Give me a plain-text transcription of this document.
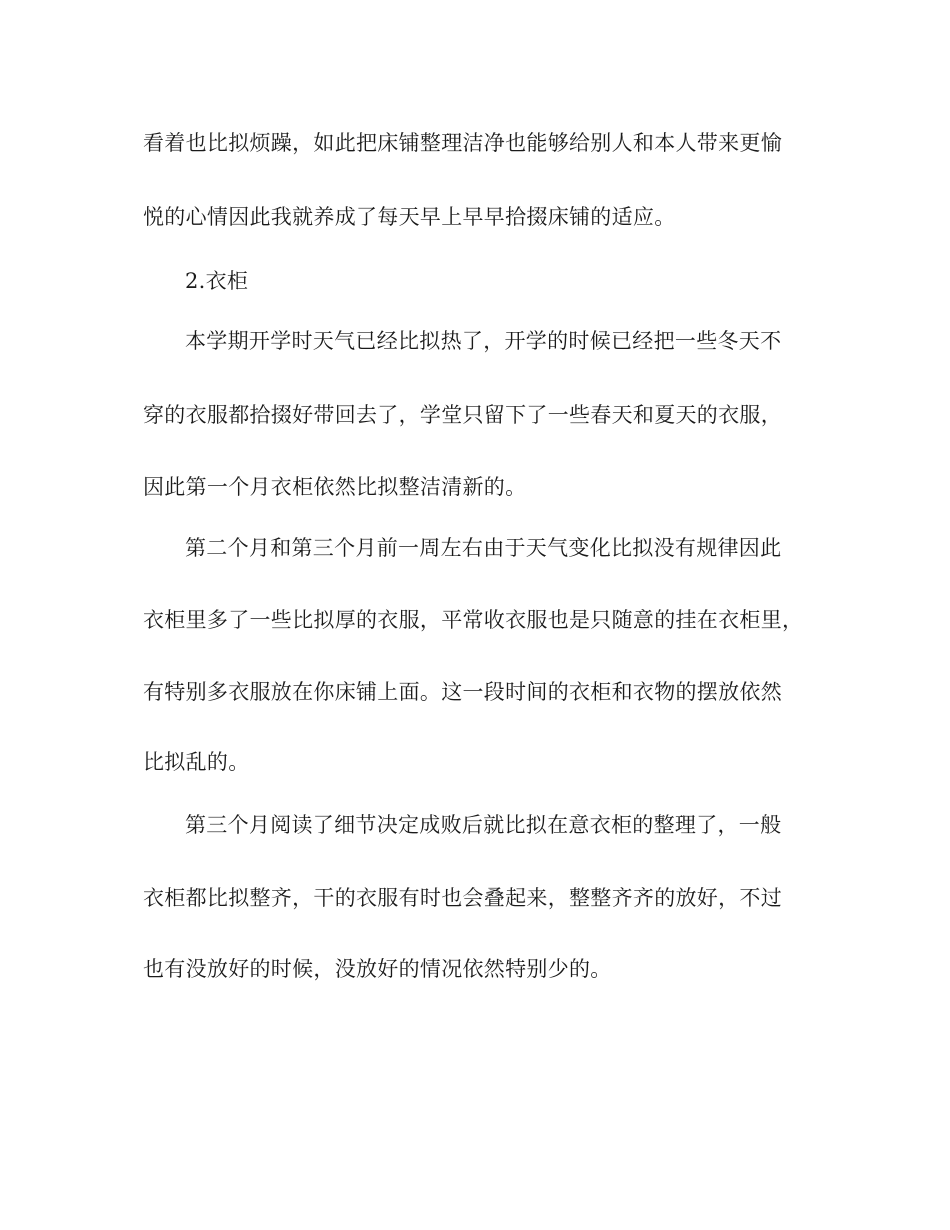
看着也比拟烦躁，如此把床铺整理洁净也能够给别人和本人带来更愉
悦的心情因此我就养成了每天早上早早拾掇床铺的适应。
2.衣柜
本学期开学时天气已经比拟热了，开学的时候已经把一些冬天不
穿的衣服都拾掇好带回去了，学堂只留下了一些春天和夏天的衣服，
因此第一个月衣柜依然比拟整洁清新的。
第二个月和第三个月前一周左右由于天气变化比拟没有规律因此
衣柜里多了一些比拟厚的衣服，平常收衣服也是只随意的挂在衣柜里，
有特别多衣服放在你床铺上面。这一段时间的衣柜和衣物的摆放依然
比拟乱的。
第三个月阅读了细节决定成败后就比拟在意衣柜的整理了，一般
衣柜都比拟整齐，干的衣服有时也会叠起来，整整齐齐的放好，不过
也有没放好的时候，没放好的情况依然特别少的。
